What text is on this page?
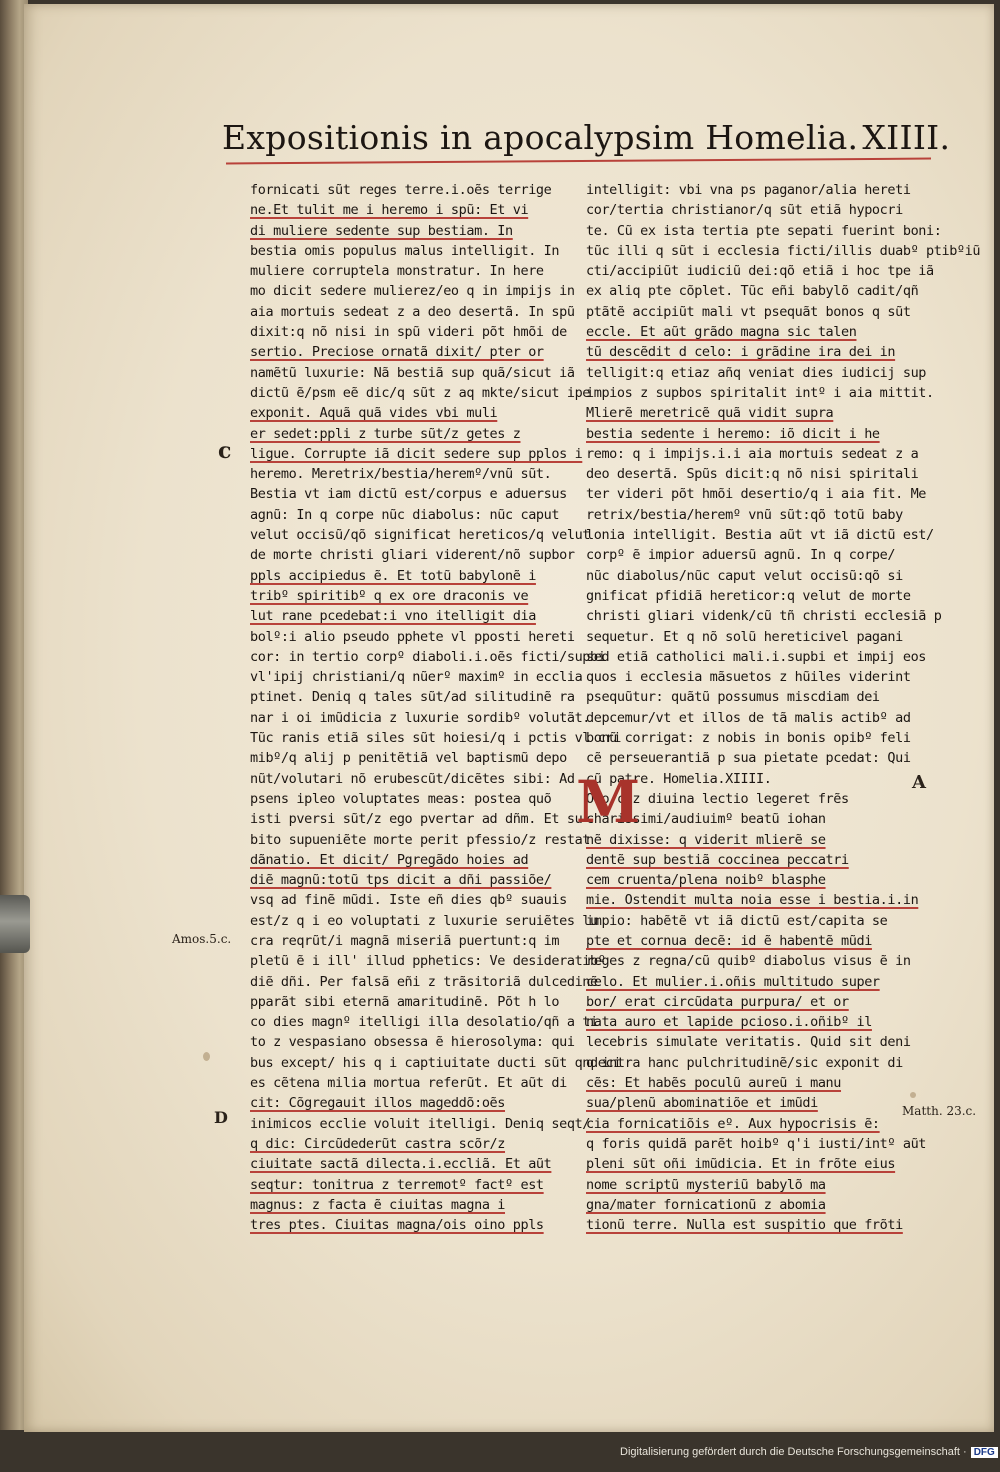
Expositionis in apocalypsim Homelia. XIIII.
fornicati sũt reges terre.i.oẽs terrige
ne.Et tulit me i heremo i spũ: Et vi
di muliere sedente sup bestiam. In
bestia omis populus malus intelligit. In
muliere corruptela monstratur. In here
mo dicit sedere mulierez/eo q in impijs in
aia mortuis sedeat z a deo desertã. In spũ
dixit:q nõ nisi in spũ videri põt hmõi de
sertio. Preciose ornatã dixit/ pter or
namẽtũ luxurie: Nã bestiã sup quã/sicut iã
dictũ ẽ/psm eẽ dic/q sũt z aq mkte/sicut ipe
exponit. Aquã quã vides vbi muli
er sedet:ppli z turbe sũt/z getes z
ligue. Corrupte iã dicit sedere sup pplos i
heremo. Meretrix/bestia/heremº/vnũ sũt.
Bestia vt iam dictũ est/corpus e aduersus
agnũ: In q corpe nũc diabolus: nũc caput
velut occisũ/qõ significat hereticos/q velut
de morte christi gliari viderent/nõ supbor
ppls accipiedus ẽ. Et totũ babylonẽ i
tribº spiritibº q ex ore draconis ve
lut rane pcedebat:i vno itelligit dia
bolº:i alio pseudo pphete vl pposti hereti
cor: in tertio corpº diaboli.i.oẽs ficti/supbi
vl'ipij christiani/q nũerº maximº in ecclia
ptinet. Deniq q tales sũt/ad silitudinẽ ra
nar i oi imũdicia z luxurie sordibº volutãt.
Tũc ranis etiã siles sũt hoiesi/q i pctis vl cri
mibº/q alij p penitẽtiã vel baptismũ depo
nũt/volutari nõ erubescũt/dicẽtes sibi: Ad
psens ipleo voluptates meas: postea quõ
isti pversi sũt/z ego pvertar ad dñm. Et su
bito supueniẽte morte perit pfessio/z restat
dãnatio. Et dicit/ Pgregãdo hoies ad
diẽ magnũ:totũ tps dicit a dñi passiõe/
vsq ad finẽ mũdi. Iste eñ dies qbº suauis
est/z q i eo voluptati z luxurie seruiẽtes lu
cra reqrũt/i magnã miseriã puertunt:q im
pletũ ẽ i ill' illud pphetics: Ve desideratibº
diẽ dñi. Per falsã eñi z trãsitoriã dulcedinẽ
pparãt sibi eternã amaritudinẽ. Põt h lo
co dies magnº itelligi illa desolatio/qñ a ti
to z vespasiano obsessa ẽ hierosolyma: qui
bus except/ his q i captiuitate ducti sũt qndeci
es cẽtena milia mortua referũt. Et aũt di
cit: Cõgregauit illos mageddõ:oẽs
inimicos ecclie voluit itelligi. Deniq seqt/
q dic: Circũdederũt castra scõr/z
ciuitate sactã dilecta.i.eccliã. Et aũt
seqtur: tonitrua z terremotº factº est
magnus: z facta ẽ ciuitas magna i
tres ptes. Ciuitas magna/ois oino ppls
intelligit: vbi vna ps paganor/alia hereti
cor/tertia christianor/q sũt etiã hypocri
te. Cũ ex ista tertia pte sepati fuerint boni:
tũc illi q sũt i ecclesia ficti/illis duabº ptibºiũ
cti/accipiũt iudiciũ dei:qõ etiã i hoc tpe iã
ex aliq pte cõplet. Tũc eñi babylõ cadit/qñ
ptãtẽ accipiũt mali vt psequãt bonos q sũt
eccle. Et aũt grãdo magna sic talen
tũ descẽdit d celo: i grãdine ira dei in
telligit:q etiaz añq veniat dies iudicij sup
impios z supbos spiritalit intº i aia mittit.
Mlierẽ meretricẽ quã vidit supra
bestia sedente i heremo: iõ dicit i he
remo: q i impijs.i.i aia mortuis sedeat z a
deo desertã. Spũs dicit:q nõ nisi spiritali
ter videri põt hmõi desertio/q i aia fit. Me
retrix/bestia/heremº vnũ sũt:qõ totũ baby
lonia intelligit. Bestia aũt vt iã dictũ est/
corpº ẽ impior aduersũ agnũ. In q corpe/
nũc diabolus/nũc caput velut occisũ:qõ si
gnificat pfidiã hereticor:q velut de morte
christi gliari videnk/cũ tñ christi ecclesiã p
sequetur. Et q nõ solũ hereticivel pagani
sed etiã catholici mali.i.supbi et impij eos
quos i ecclesia mãsuetos z hũiles viderint
psequũtur: quãtũ possumus miscdiam dei
depcemur/vt et illos de tã malis actibº ad
bonũ corrigat: z nobis in bonis opibº feli
cẽ perseuerantiã p sua pietate pcedat: Qui
cũ patre. Homelia.XIIII.
Odo cuz diuina lectio legeret frẽs
charissimi/audiuimº beatũ iohan
nẽ dixisse: q viderit mlierẽ se
dentẽ sup bestiã coccinea peccatri
cem cruenta/plena noibº blasphe
mie. Ostendit multa noia esse i bestia.i.in
impio: habẽtẽ vt iã dictũ est/capita se
pte et cornua decẽ: id ẽ habentẽ mũdi
reges z regna/cũ quibº diabolus visus ẽ in
celo. Et mulier.i.oñis multitudo super
bor/ erat circũdata purpura/ et or
nata auro et lapide pcioso.i.oñibº il
lecebris simulate veritatis. Quid sit deni
q intra hanc pulchritudinẽ/sic exponit di
cẽs: Et habẽs poculũ aureũ i manu
sua/plenũ abominatiõe et imũdi
cia fornicatiõis eº. Aux hypocrisis ẽ:
q foris quidã parẽt hoibº q'i iusti/intº aũt
pleni sũt oñi imũdicia. Et in frõte eius
nome scriptũ mysteriũ babylõ ma
gna/mater fornicationũ z abomia
tionũ terre. Nulla est suspitio que frõti
M
c
D
Amos.5.c.
A
Matth. 23.c.
Digitalisierung gefördert durch die Deutsche Forschungsgemeinschaft · DFG
